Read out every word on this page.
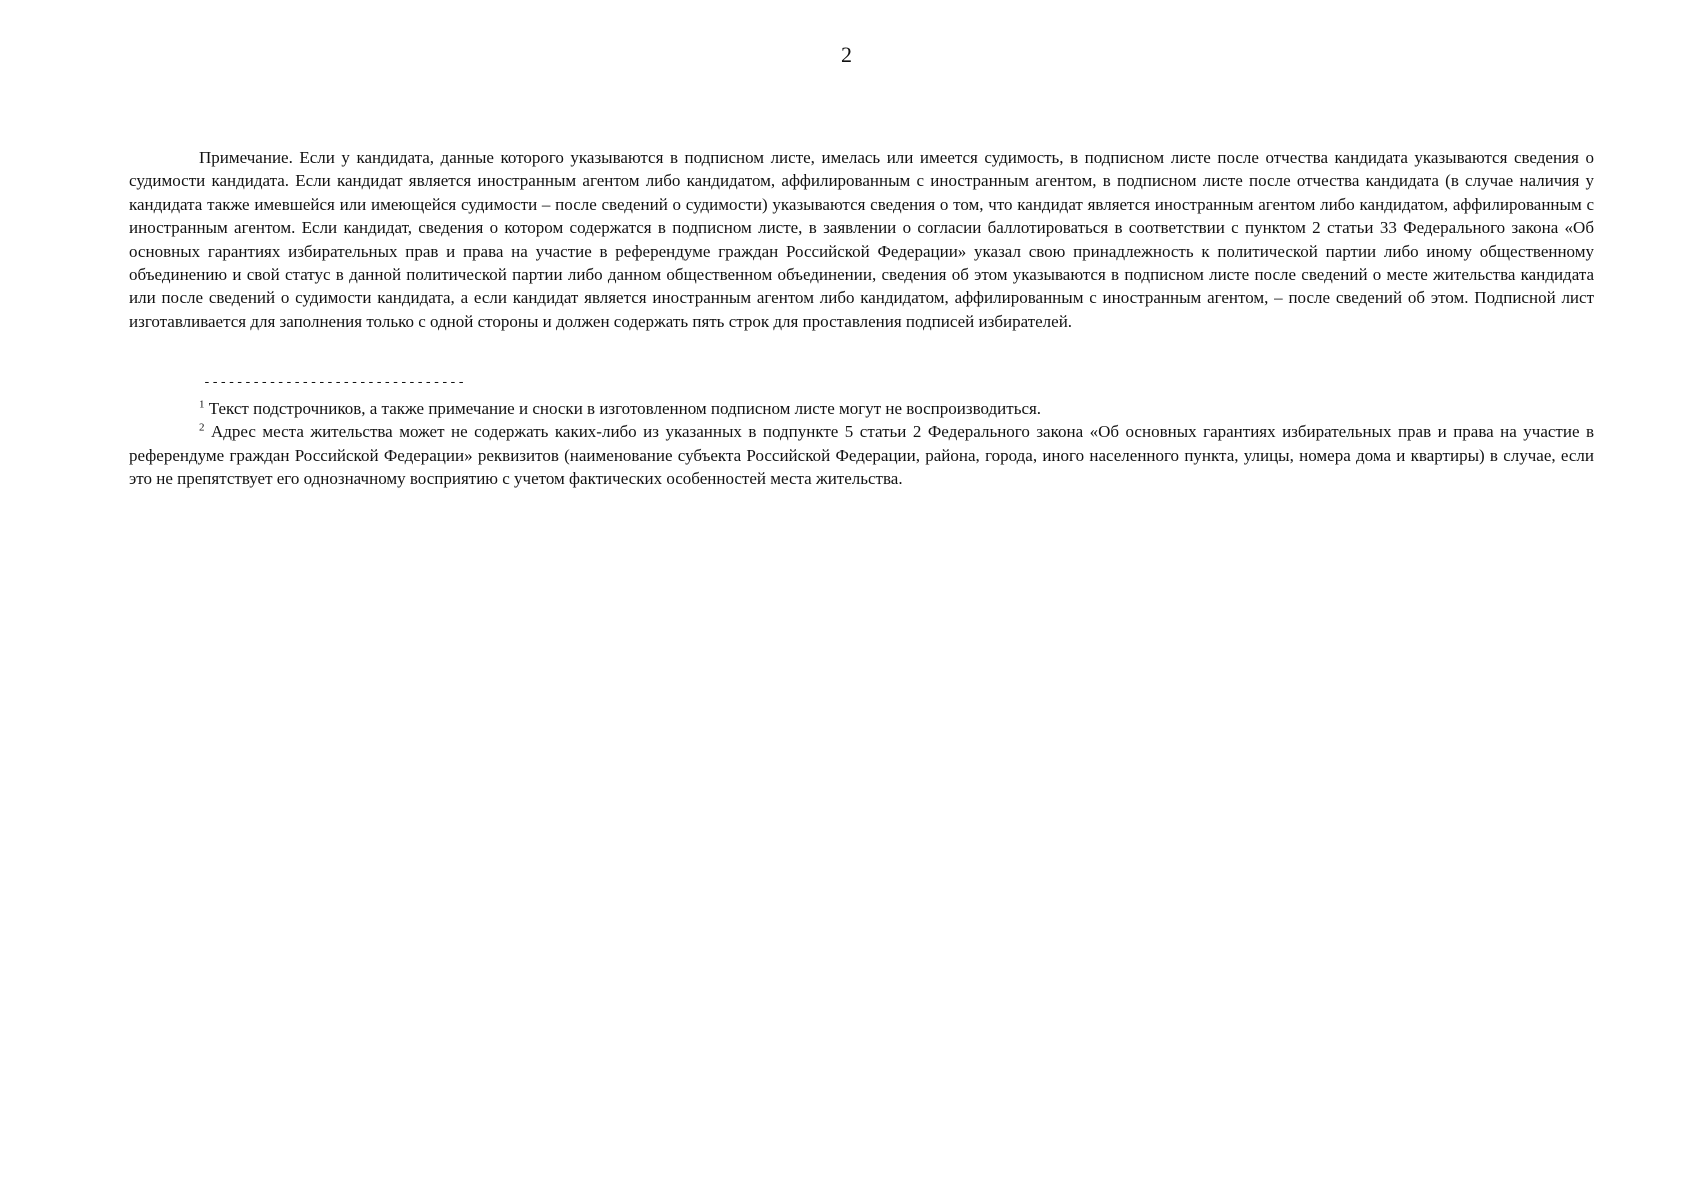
2

Примечание. Если у кандидата, данные которого указываются в подписном листе, имелась или имеется судимость, в подписном листе после отчества кандидата указываются сведения о судимости кандидата. Если кандидат является иностранным агентом либо кандидатом, аффилированным с иностранным агентом, в подписном листе после отчества кандидата (в случае наличия у кандидата также имевшейся или имеющейся судимости – после сведений о судимости) указываются сведения о том, что кандидат является иностранным агентом либо кандидатом, аффилированным с иностранным агентом. Если кандидат, сведения о котором содержатся в подписном листе, в заявлении о согласии баллотироваться в соответствии с пунктом 2 статьи 33 Федерального закона «Об основных гарантиях избирательных прав и права на участие в референдуме граждан Российской Федерации» указал свою принадлежность к политической партии либо иному общественному объединению и свой статус в данной политической партии либо данном общественном объединении, сведения об этом указываются в подписном листе после сведений о месте жительства кандидата или после сведений о судимости кандидата, а если кандидат является иностранным агентом либо кандидатом, аффилированным с иностранным агентом, – после сведений об этом. Подписной лист изготавливается для заполнения только с одной стороны и должен содержать пять строк для проставления подписей избирателей.

--------------------------------

$^1$ Текст подстрочников, а также примечание и сноски в изготовленном подписном листе могут не воспроизводиться.

$^2$ Адрес места жительства может не содержать каких-либо из указанных в подпункте 5 статьи 2 Федерального закона «Об основных гарантиях избирательных прав и права на участие в референдуме граждан Российской Федерации» реквизитов (наименование субъекта Российской Федерации, района, города, иного населенного пункта, улицы, номера дома и квартиры) в случае, если это не препятствует его однозначному восприятию с учетом фактических особенностей места жительства.
